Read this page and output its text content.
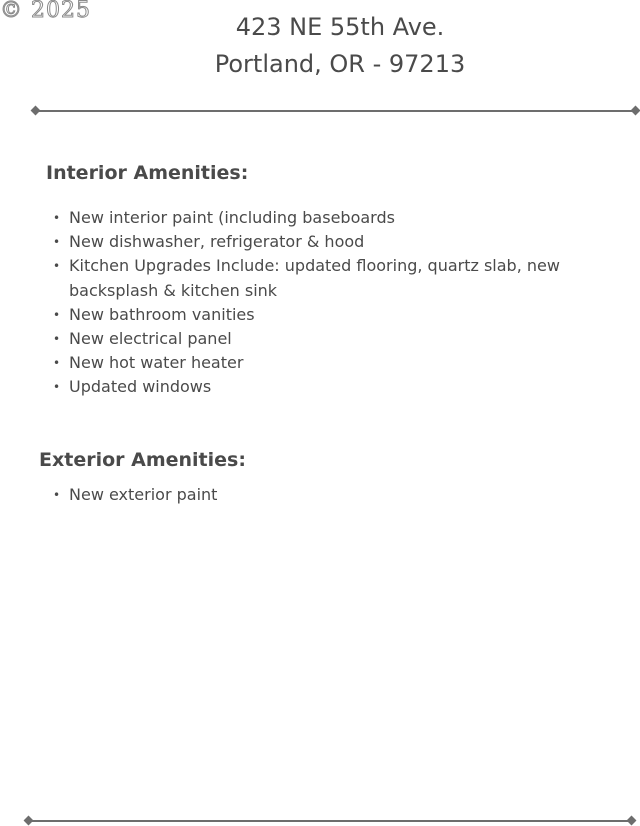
© 2025
423 NE 55th Ave.
Portland, OR - 97213
Interior Amenities:
• New interior paint (including baseboards
• New dishwasher, refrigerator & hood
• Kitchen Upgrades Include: updated flooring, quartz slab, new backsplash & kitchen sink
• New bathroom vanities
• New electrical panel
• New hot water heater
• Updated windows
Exterior Amenities:
• New exterior paint
